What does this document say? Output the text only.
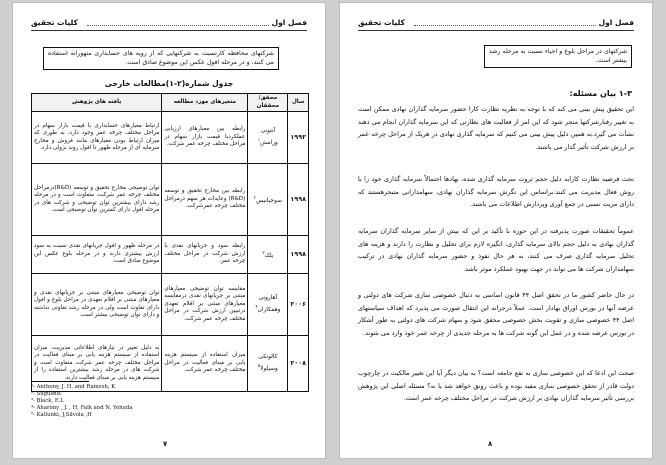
فصل اول
کلیات تحقیق
شرکتهای محافظه کارتسبت به شرکتهایی که از رویه های حسابداری متهورانه استفاده می کنند، و در مرحله افول عکس این موضوع صادق است.
جدول شماره(۲-۱)مطالعات خارجی
سال	محقق/محققان	متغیرهای مورد مطالعه	یافته های پژوهش
۱۹۹۲	آنتونی ورامش$^۱$	رابطه بین معیارهای ارزیابی عملکردبا قیمت بازار سهام در مراحل مختلف چرخه عمر شرکت.	ارتباط معیارهای حسابداری با قیمت بازار سهام در مراحل مختلف چرخه عمر وجود دارد، به طوری که میزان ارتباط بودن معیارهای مانند فروش و مخارج سرمایه ای از مرحله ظهور تا افول روند نزولی دارد.
۱۹۹۸	سوجیانیس$^۲$	رابطه بین مخارج تحقیق و توسعه (R&D) وعایدات هر سهم درمراحل مختلف چرخه عمرشرکت.	توان توضیحی مخارج تحقیق و توسعه (R&D)درمراحل مختلف چرخه عمر شرکت، متفاوت است و در مرحله رشد دارای بیشترین توان توضیحی و شرکت های در مرحله افول دارای کمترین توان توضیحی است.
۱۹۹۸	بلک$^۳$	رابطه سود و جریانهای نقدی با ارزش شرکت در مراحل مختلف چرخه عمر.	در مرحله ظهور و افول جریانهای نقدی نسبت به سود ارزش بیشتری دارند و در مرحله بلوغ عکس این موضوع صادق است.
۲۰۰۶	آهارونی وهمکاران$^۴$	مقایسه توان توضیحی معیارهای مبتنی بر جریانهای نقدی درمقایسه معیارهای مبتنی بر اقلام تعهدی درتبیین ارزش شرکت در مراحل مختلف چرخه عمر شرکت.	توان توضیحی معیارهای مبتنی بر جریانهای نقدی و معیارهای مبتنی بر اقلام تعهدی در مراحل بلوغ و افول دارای تفاوت است ولی در مرحله رشد تفاوتی نداشته و دارای توان توضیحی بیشتر است.
۲۰۰۸	کالونکی وسیلولا$^۵$	میزان استفاده از سیستم هزینه یابی بر مبنای فعالیت در مراحل مختلف چرخه عمر شرکت.	به دلیل تغییر در نیازهای اطلاعاتی مدیریت، میزان استفاده از سیستم هزینه یابی بر مبنای فعالیت در مراحل مختلف چرخه عمر شرکت متفاوت است و شرکت های در مرحله رشد بیشترین استفاده را از سیستم هزینه یابی بر مبنای فعالیت دارند.
¹- Anthony, J. H. and Ramesh, K
²- Sugusnis
³- Black, E.L
⁴- Aharony , J. , H, Falk and N, Yehuda
⁵- Kallunki, J,Silvola ,H
۷
فصل اول
کلیات تحقیق
شرکتهای در مراحل بلوغ و احیاء نسبت به مرحله رشد بیشتر است.
۱-۳ بیان مسئله:
این تحقیق پیش بینی می کند که با توجه به نظریه نظارت کارا حضور سرمایه گذاران نهادی ممکن است به تغییر رفتارشرکتها منجر شود که این امر از فعالیت های نظارتی که این سرمایه گذاران انجام می دهند نشأت می گیرد.به همین دلیل پیش بینی می کنیم که سرمایه گذاری نهادی در هریک از مراحل چرخه عمر بر ارزش شرکت تأثیر گذار می باشند.
تحت فرضیه نظارت کارایه دلیل حجم ثروت سرمایه گذاری شده، نهادها احتمالاً سرمایه گذاری خود را با روش فعال مدیریت می کنند.براساس این نگرش سرمایه گذاران نهادی، سهامدارانی متبحرهستند که دارای مزیت نسبی در جمع آوری وپردازش اطلاعات می باشند.
عموماً تحقیقات صورت پذیرفته در این حوزه با تأکید بر این که بیش از سایر سرمایه گذاران سرمایه گذاران نهادی به دلیل حجم بالای سرمایه گذاری، انگیزه لازم برای تحلیل و نظارت را دارند و هزینه های تحلیل سرمایه گذاری صرف می کنند، به هر حال نفوذ و حضور سرمایه گذاران نهادی در ترکیب سهامداران شرکت ها می تواند در جهت بهبود عملکرد موثر باشد.
در حال حاضر کشور ما در تحقق اصل ۴۴ قانون اساسی به دنبال خصوصی سازی شرکت های دولتی و عرضه آنها در بورس اوراق بهادار است. عملاً درجرانه این انتقال صورت می پذیرد که اهداف سیاستهای اصل ۴۴ خصوصی سازی و تقویت بخش خصوصی محقق شود و سهام شرکت های دولتی به طور آشکار در بورس عرضه شده و در عمل این گونه شرکت ها به مرحله جدیدی از چرخه عمر خود وارد می شوند.
صحت این ادعا که این خصوصی سازی به نفع جامعه است؟ به بیان دیگر آیا این تغییر مالکیت در چارچوب دولت قادر از تحقق خصوصی سازی مفید بوده و باعث رونق خواهد شد یا نه؟ مسئله اصلی این پژوهش بررسی تأثیر سرمایه گذاران نهادی بر ارزش شرکت در مراحل مختلف چرخه عمر است.
۸
